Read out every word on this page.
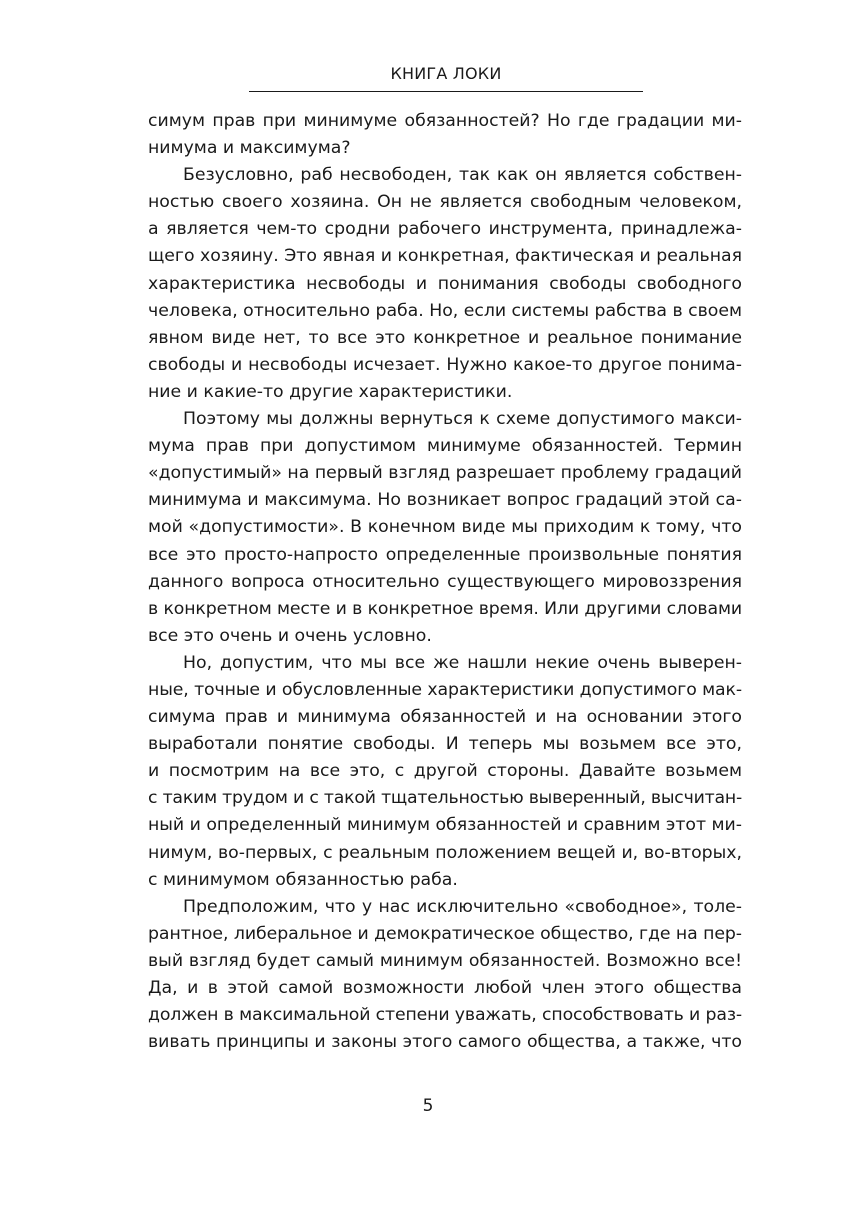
КНИГА ЛОКИ

симум прав при минимуме обязанностей? Но где градации ми-
нимума и максимума?

Безусловно, раб несвободен, так как он является собствен-
ностью своего хозяина. Он не является свободным человеком,
а является чем-то сродни рабочего инструмента, принадлежа-
щего хозяину. Это явная и конкретная, фактическая и реальная
характеристика несвободы и понимания свободы свободного
человека, относительно раба. Но, если системы рабства в своем
явном виде нет, то все это конкретное и реальное понимание
свободы и несвободы исчезает. Нужно какое-то другое понима-
ние и какие-то другие характеристики.

Поэтому мы должны вернуться к схеме допустимого макси-
мума прав при допустимом минимуме обязанностей. Термин
«допустимый» на первый взгляд разрешает проблему градаций
минимума и максимума. Но возникает вопрос градаций этой са-
мой «допустимости». В конечном виде мы приходим к тому, что
все это просто-напросто определенные произвольные понятия
данного вопроса относительно существующего мировоззрения
в конкретном месте и в конкретное время. Или другими словами
все это очень и очень условно.

Но, допустим, что мы все же нашли некие очень выверен-
ные, точные и обусловленные характеристики допустимого мак-
симума прав и минимума обязанностей и на основании этого
выработали понятие свободы. И теперь мы возьмем все это,
и посмотрим на все это, с другой стороны. Давайте возьмем
с таким трудом и с такой тщательностью выверенный, высчитан-
ный и определенный минимум обязанностей и сравним этот ми-
нимум, во-первых, с реальным положением вещей и, во-вторых,
с минимумом обязанностью раба.

Предположим, что у нас исключительно «свободное», толе-
рантное, либеральное и демократическое общество, где на пер-
вый взгляд будет самый минимум обязанностей. Возможно все!
Да, и в этой самой возможности любой член этого общества
должен в максимальной степени уважать, способствовать и раз-
вивать принципы и законы этого самого общества, а также, что

5
